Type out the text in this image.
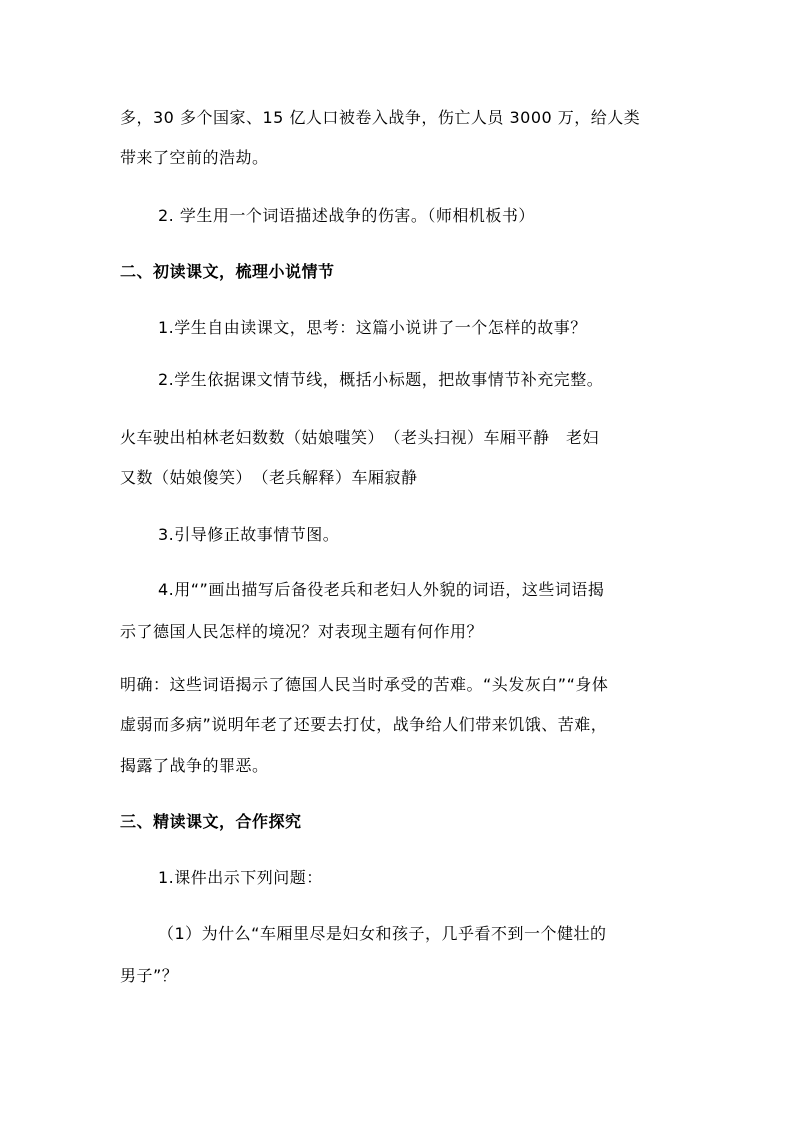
多，30 多个国家、15 亿人口被卷入战争，伤亡人员 3000 万，给人类
带来了空前的浩劫。
2. 学生用一个词语描述战争的伤害。（师相机板书）
二、初读课文，梳理小说情节
1.学生自由读课文，思考：这篇小说讲了一个怎样的故事？
2.学生依据课文情节线，概括小标题，把故事情节补充完整。
火车驶出柏林老妇数数（姑娘嗤笑）　（老头扫视）车厢平静　老妇
又数（姑娘傻笑）　（老兵解释）车厢寂静
3.引导修正故事情节图。
4.用“”画出描写后备役老兵和老妇人外貌的词语，这些词语揭
示了德国人民怎样的境况？对表现主题有何作用？
明确：这些词语揭示了德国人民当时承受的苦难。“头发灰白”“身体
虚弱而多病”说明年老了还要去打仗，战争给人们带来饥饿、苦难，
揭露了战争的罪恶。
三、精读课文，合作探究
1.课件出示下列问题：
（1）为什么“车厢里尽是妇女和孩子，几乎看不到一个健壮的
男子”？
